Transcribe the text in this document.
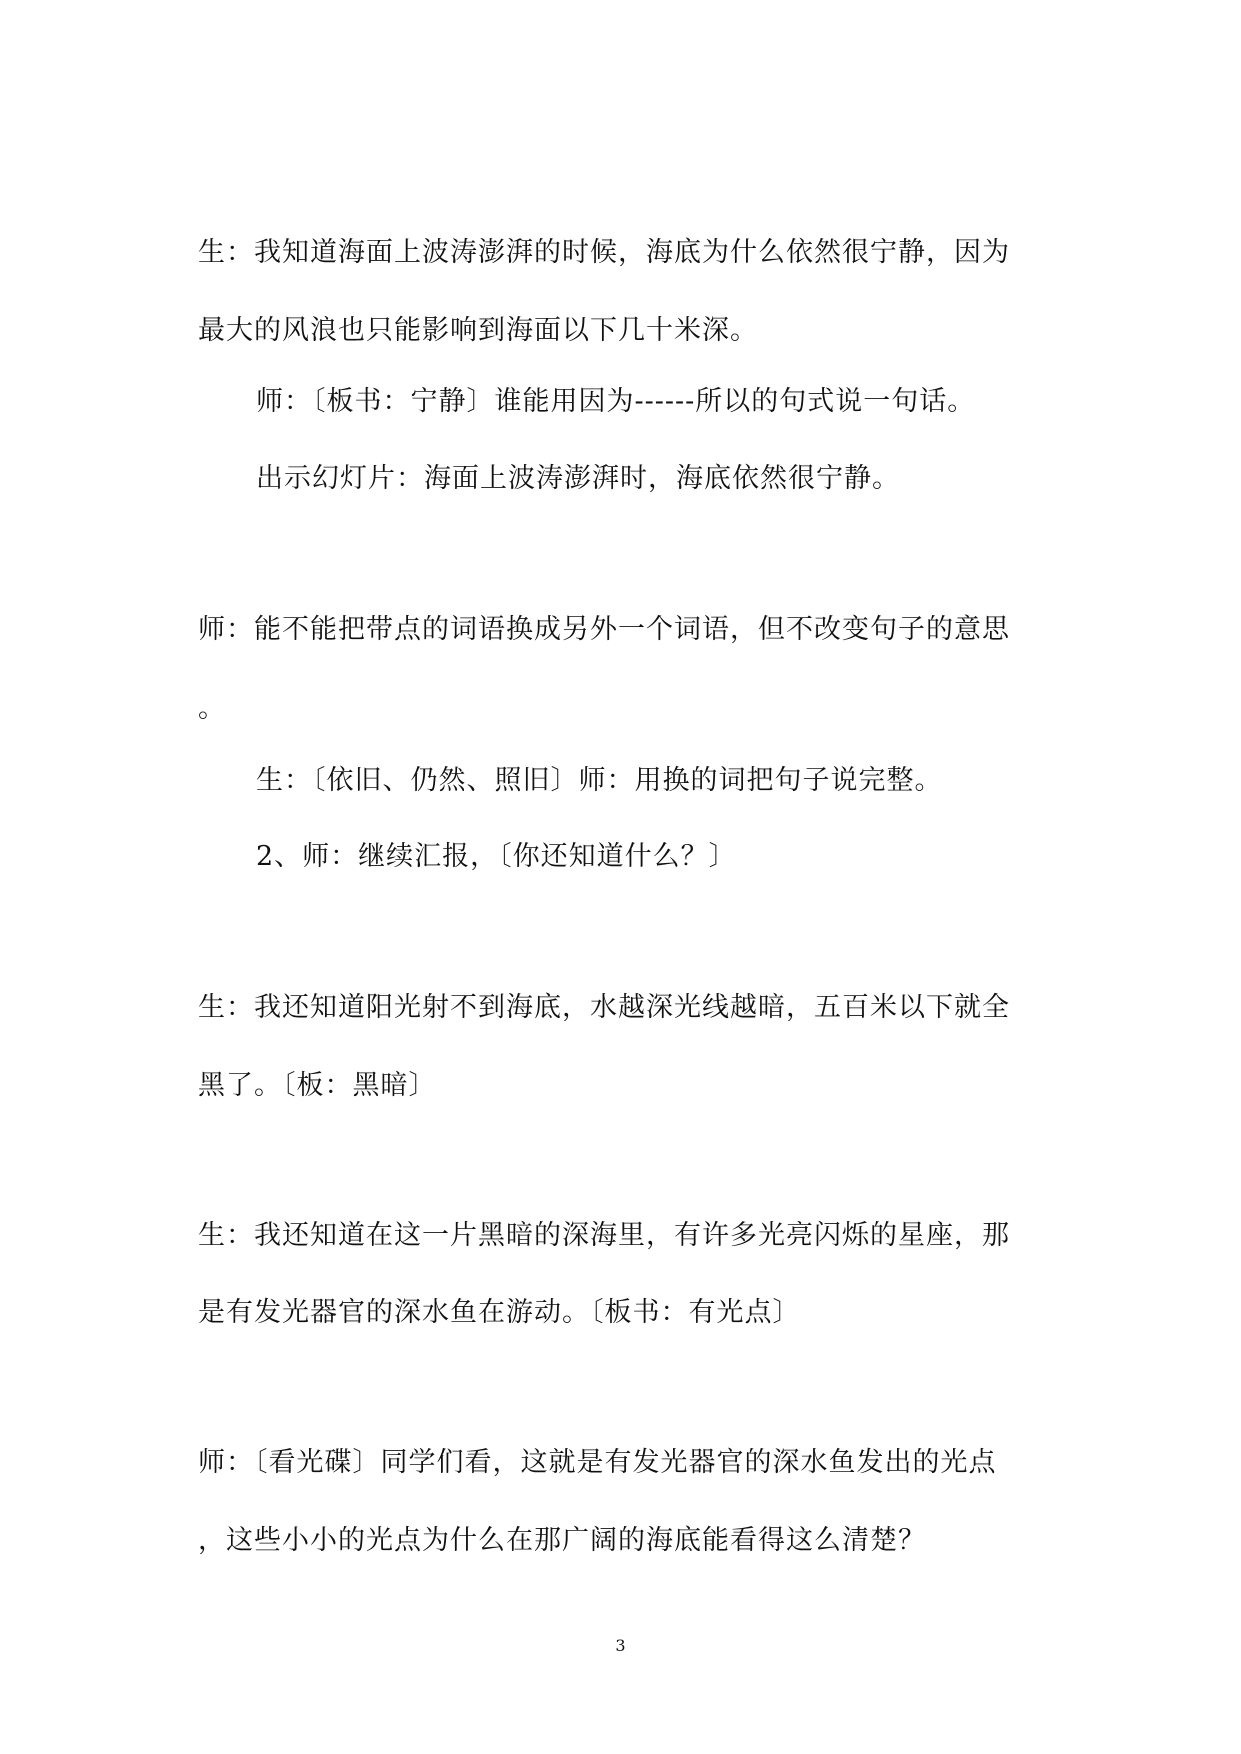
生：我知道海面上波涛澎湃的时候，海底为什么依然很宁静，因为
最大的风浪也只能影响到海面以下几十米深。
师：〔板书：宁静〕谁能用因为------所以的句式说一句话。
出示幻灯片：海面上波涛澎湃时，海底依然很宁静。
师：能不能把带点的词语换成另外一个词语，但不改变句子的意思
。
生：〔依旧、仍然、照旧〕师：用换的词把句子说完整。
2、师：继续汇报，〔你还知道什么？〕
生：我还知道阳光射不到海底，水越深光线越暗，五百米以下就全
黑了。〔板：黑暗〕
生：我还知道在这一片黑暗的深海里，有许多光亮闪烁的星座，那
是有发光器官的深水鱼在游动。〔板书：有光点〕
师：〔看光碟〕同学们看，这就是有发光器官的深水鱼发出的光点
，这些小小的光点为什么在那广阔的海底能看得这么清楚？
3
